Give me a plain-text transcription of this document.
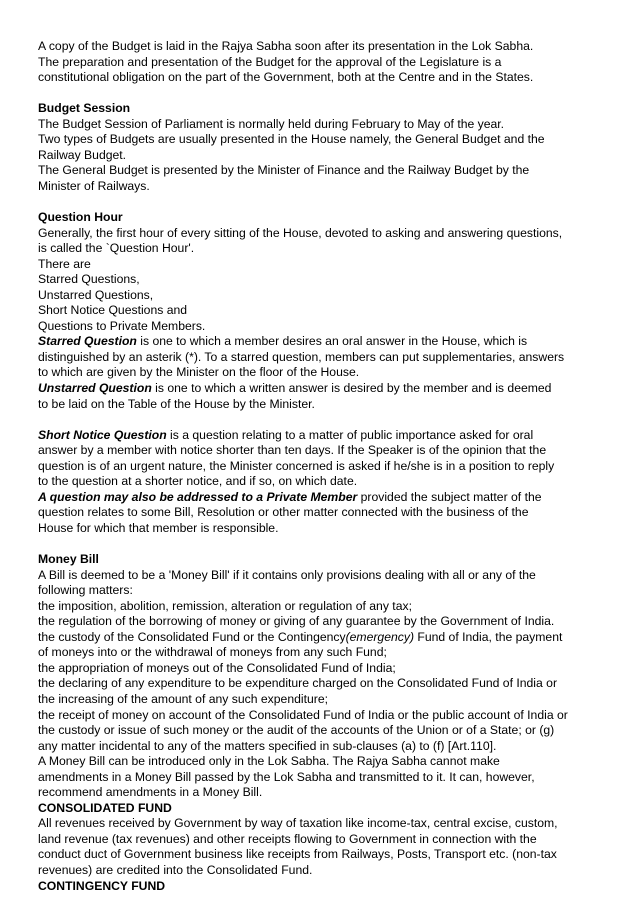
A copy of the Budget is laid in the Rajya Sabha soon after its presentation in the Lok Sabha.
The preparation and presentation of the Budget for the approval of the Legislature is a
constitutional obligation on the part of the Government, both at the Centre and in the States.
Budget Session
The Budget Session of Parliament is normally held during February to May of the year.
Two types of Budgets are usually presented in the House namely, the General Budget and the
Railway Budget.
The General Budget is presented by the Minister of Finance and the Railway Budget by the
Minister of Railways.
Question Hour
Generally, the first hour of every sitting of the House, devoted to asking and answering questions,
is called the `Question Hour'.
There are
Starred Questions,
Unstarred Questions,
Short Notice Questions and
Questions to Private Members.
Starred Question is one to which a member desires an oral answer in the House, which is
distinguished by an asterik (*). To a starred question, members can put supplementaries, answers
to which are given by the Minister on the floor of the House.
Unstarred Question is one to which a written answer is desired by the member and is deemed
to be laid on the Table of the House by the Minister.
Short Notice Question is a question relating to a matter of public importance asked for oral
answer by a member with notice shorter than ten days. If the Speaker is of the opinion that the
question is of an urgent nature, the Minister concerned is asked if he/she is in a position to reply
to the question at a shorter notice, and if so, on which date.
A question may also be addressed to a Private Member provided the subject matter of the
question relates to some Bill, Resolution or other matter connected with the business of the
House for which that member is responsible.
Money Bill
A Bill is deemed to be a 'Money Bill' if it contains only provisions dealing with all or any of the
following matters:
the imposition, abolition, remission, alteration or regulation of any tax;
the regulation of the borrowing of money or giving of any guarantee by the Government of India.
the custody of the Consolidated Fund or the Contingency(emergency) Fund of India, the payment
of moneys into or the withdrawal of moneys from any such Fund;
the appropriation of moneys out of the Consolidated Fund of India;
the declaring of any expenditure to be expenditure charged on the Consolidated Fund of India or
the increasing of the amount of any such expenditure;
the receipt of money on account of the Consolidated Fund of India or the public account of India or
the custody or issue of such money or the audit of the accounts of the Union or of a State; or (g)
any matter incidental to any of the matters specified in sub-clauses (a) to (f) [Art.110].
A Money Bill can be introduced only in the Lok Sabha. The Rajya Sabha cannot make
amendments in a Money Bill passed by the Lok Sabha and transmitted to it. It can, however,
recommend amendments in a Money Bill.
CONSOLIDATED FUND
All revenues received by Government by way of taxation like income-tax, central excise, custom,
land revenue (tax revenues) and other receipts flowing to Government in connection with the
conduct duct of Government business like receipts from Railways, Posts, Transport etc. (non-tax
revenues) are credited into the Consolidated Fund.
CONTINGENCY FUND
